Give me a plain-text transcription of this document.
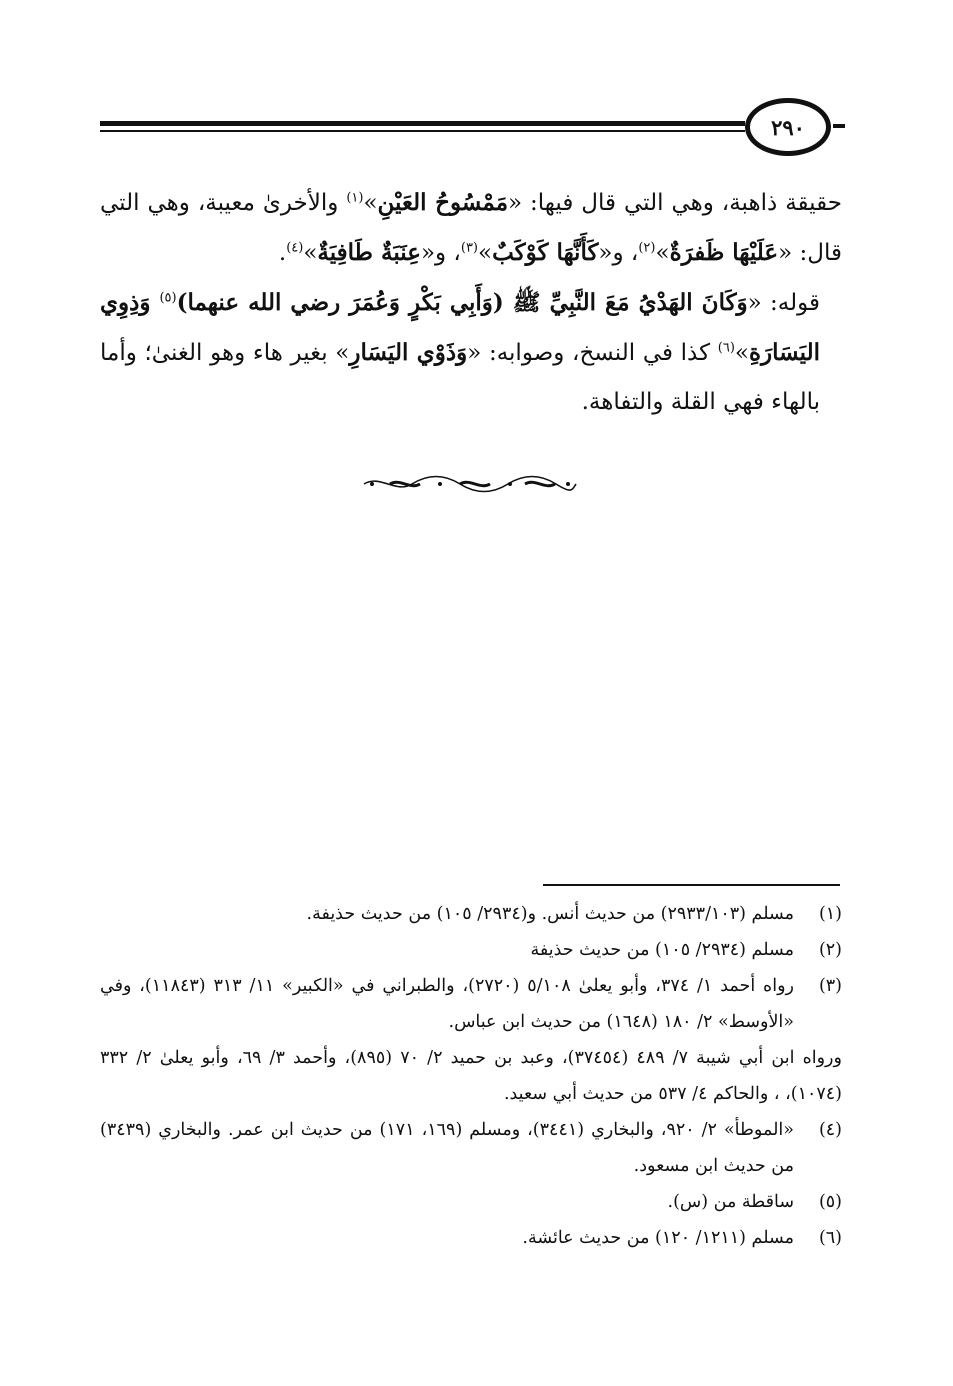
٢٩٠

حقيقة ذاهبة، وهي التي قال فيها: «مَمْسُوحُ العَيْنِ»$^{(١)}$ والأخرىٰ معيبة، وهي التي قال: «عَلَيْهَا ظَفرَةٌ»$^{(٢)}$، و«كَأَنَّهَا كَوْكَبٌ»$^{(٣)}$، و«عِنَبَةٌ طَافِيَةٌ»$^{(٤)}$.

قوله: «وَكَانَ الهَدْيُ مَعَ النَّبِيِّ ﷺ (وَأَبِي بَكْرٍ وَعُمَرَ رضي الله عنهما)$^{(٥)}$ وَذِوِي اليَسَارَةِ»$^{(٦)}$ كذا في النسخ، وصوابه: «وَذَوْي اليَسَارِ» بغير هاء وهو الغنىٰ؛ وأما بالهاء فهي القلة والتفاهة.

(١)
مسلم (٢٩٣٣/١٠٣) من حديث أنس. و(٢٩٣٤/ ١٠٥) من حديث حذيفة.
(٢)
مسلم (٢٩٣٤/ ١٠٥) من حديث حذيفة
(٣)
رواه أحمد ١/ ٣٧٤، وأبو يعلىٰ ٥/١٠٨ (٢٧٢٠)، والطبراني في «الكبير» ١١/ ٣١٣ (١١٨٤٣)، وفي «الأوسط» ٢/ ١٨٠ (١٦٤٨) من حديث ابن عباس.
ورواه ابن أبي شيبة ٧/ ٤٨٩ (٣٧٤٥٤)، وعبد بن حميد ٢/ ٧٠ (٨٩٥)، وأحمد ٣/ ٦٩، وأبو يعلىٰ ٢/ ٣٣٢ (١٠٧٤)، ، والحاكم ٤/ ٥٣٧ من حديث أبي سعيد.
(٤)
«الموطأ» ٢/ ٩٢٠، والبخاري (٣٤٤١)، ومسلم (١٦٩، ١٧١) من حديث ابن عمر. والبخاري (٣٤٣٩) من حديث ابن مسعود.
(٥)
ساقطة من (س).
(٦)
مسلم (١٢١١/ ١٢٠) من حديث عائشة.
